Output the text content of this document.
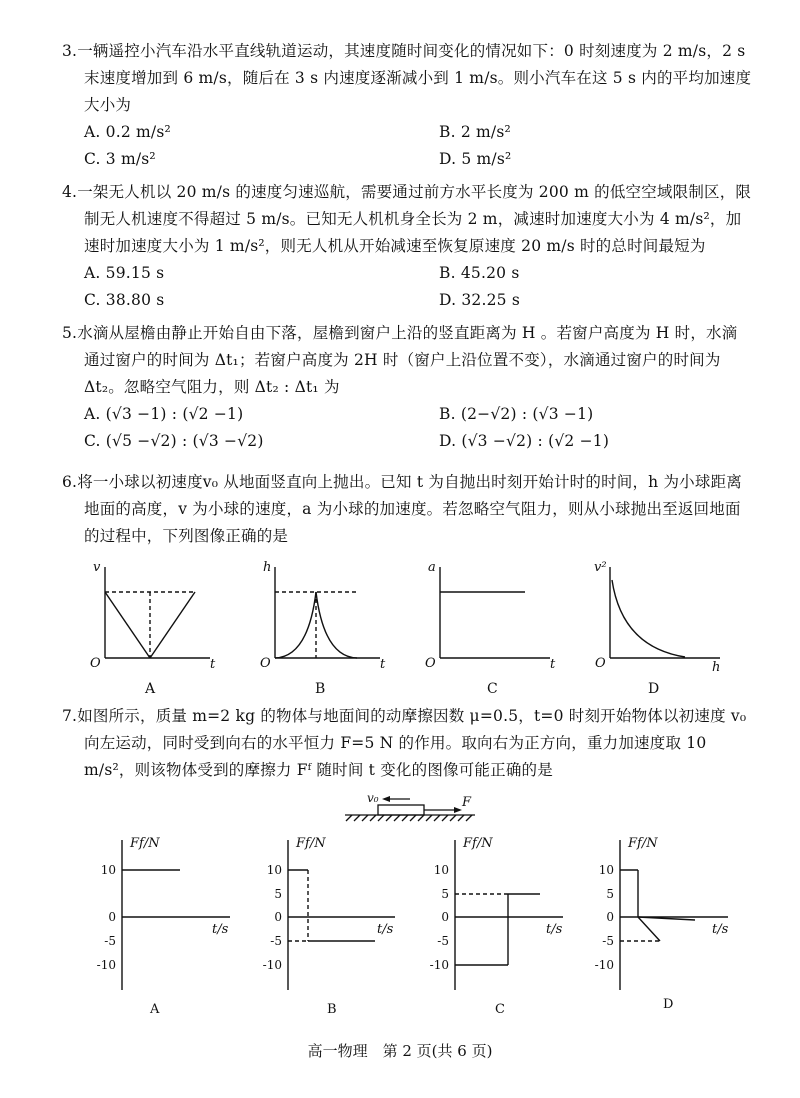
3.一辆遥控小汽车沿水平直线轨道运动，其速度随时间变化的情况如下：0 时刻速度为 2 m/s，2 s 末速度增加到 6 m/s，随后在 3 s 内速度逐渐减小到 1 m/s。则小汽车在这 5 s 内的平均加速度大小为
A. 0.2 m/s²	B. 2 m/s²
C. 3 m/s²	D. 5 m/s²
4.一架无人机以 20 m/s 的速度匀速巡航，需要通过前方水平长度为 200 m 的低空空域限制区，限制无人机速度不得超过 5 m/s。已知无人机机身全长为 2 m，减速时加速度大小为 4 m/s²，加速时加速度大小为 1 m/s²，则无人机从开始减速至恢复原速度 20 m/s 时的总时间最短为
A. 59.15 s	B. 45.20 s
C. 38.80 s	D. 32.25 s
5.水滴从屋檐由静止开始自由下落，屋檐到窗户上沿的竖直距离为 H 。若窗户高度为 H 时，水滴通过窗户的时间为 Δt₁；若窗户高度为 2H 时（窗户上沿位置不变），水滴通过窗户的时间为 Δt₂。忽略空气阻力，则 Δt₂ : Δt₁ 为
A. (√3 −1) : (√2 −1)	B. (2−√2) : (√3 −1)
C. (√5 −√2) : (√3 −√2)	D. (√3 −√2) : (√2 −1)
6.将一小球以初速度v₀ 从地面竖直向上抛出。已知 t 为自抛出时刻开始计时的时间，h 为小球距离地面的高度，v 为小球的速度，a 为小球的加速度。若忽略空气阻力，则从小球抛出至返回地面的过程中，下列图像正确的是
v
O	t
h
O	t
a
O	t
v²
O	h
A	B	C	D
7.如图所示，质量 m=2 kg 的物体与地面间的动摩擦因数 μ=0.5，t=0 时刻开始物体以初速度 v₀ 向左运动，同时受到向右的水平恒力 F=5 N 的作用。取向右为正方向，重力加速度取 10 m/s²，则该物体受到的摩擦力 Fᶠ 随时间 t 变化的图像可能正确的是
v₀	F
10
0
-5
-10
10
5
0
-5
-10
10
5
0
-5
-10
10
5
0
-5
-10
Ff/N
t/s
Ff/N
t/s
Ff/N
t/s
Ff/N
t/s
A	B	C	D
高一物理　第 2 页(共 6 页)
